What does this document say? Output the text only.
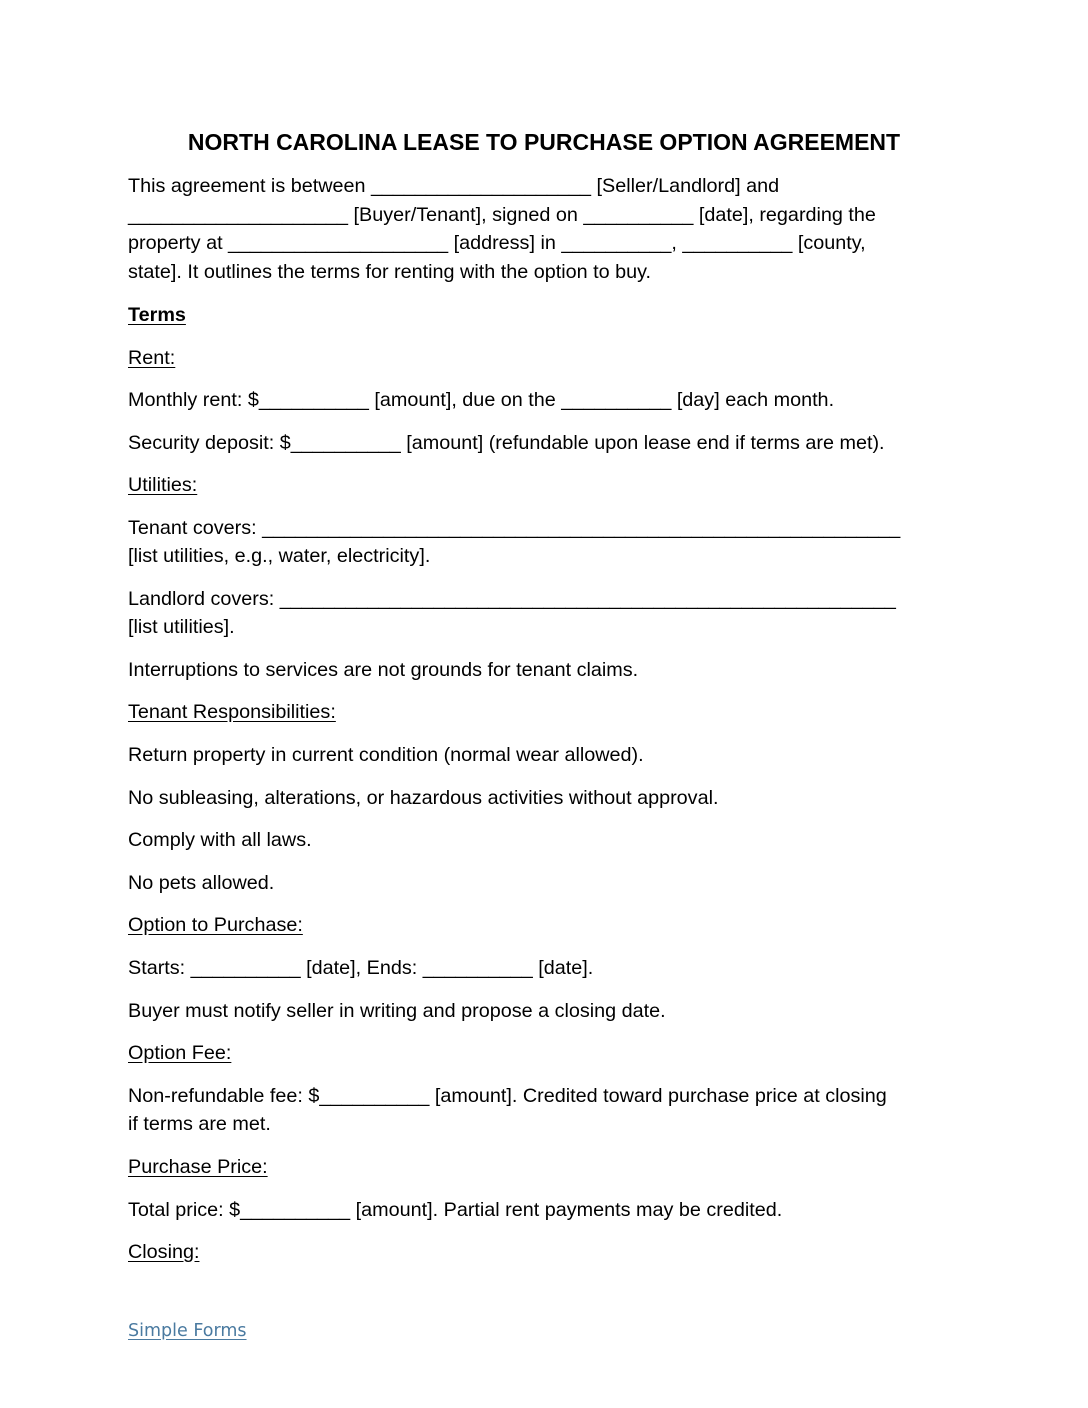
NORTH CAROLINA LEASE TO PURCHASE OPTION AGREEMENT

This agreement is between ____________________ [Seller/Landlord] and

____________________ [Buyer/Tenant], signed on __________ [date], regarding the

property at ____________________ [address] in __________, __________ [county,

state]. It outlines the terms for renting with the option to buy.

Terms

Rent:

Monthly rent: $__________ [amount], due on the __________ [day] each month.

Security deposit: $__________ [amount] (refundable upon lease end if terms are met).

Utilities:

Tenant covers: __________________________________________________________

[list utilities, e.g., water, electricity].

Landlord covers: ________________________________________________________

[list utilities].

Interruptions to services are not grounds for tenant claims.

Tenant Responsibilities:

Return property in current condition (normal wear allowed).

No subleasing, alterations, or hazardous activities without approval.

Comply with all laws.

No pets allowed.

Option to Purchase:

Starts: __________ [date], Ends: __________ [date].

Buyer must notify seller in writing and propose a closing date.

Option Fee:

Non-refundable fee: $__________ [amount]. Credited toward purchase price at closing

if terms are met.

Purchase Price:

Total price: $__________ [amount]. Partial rent payments may be credited.

Closing:

Simple Forms
